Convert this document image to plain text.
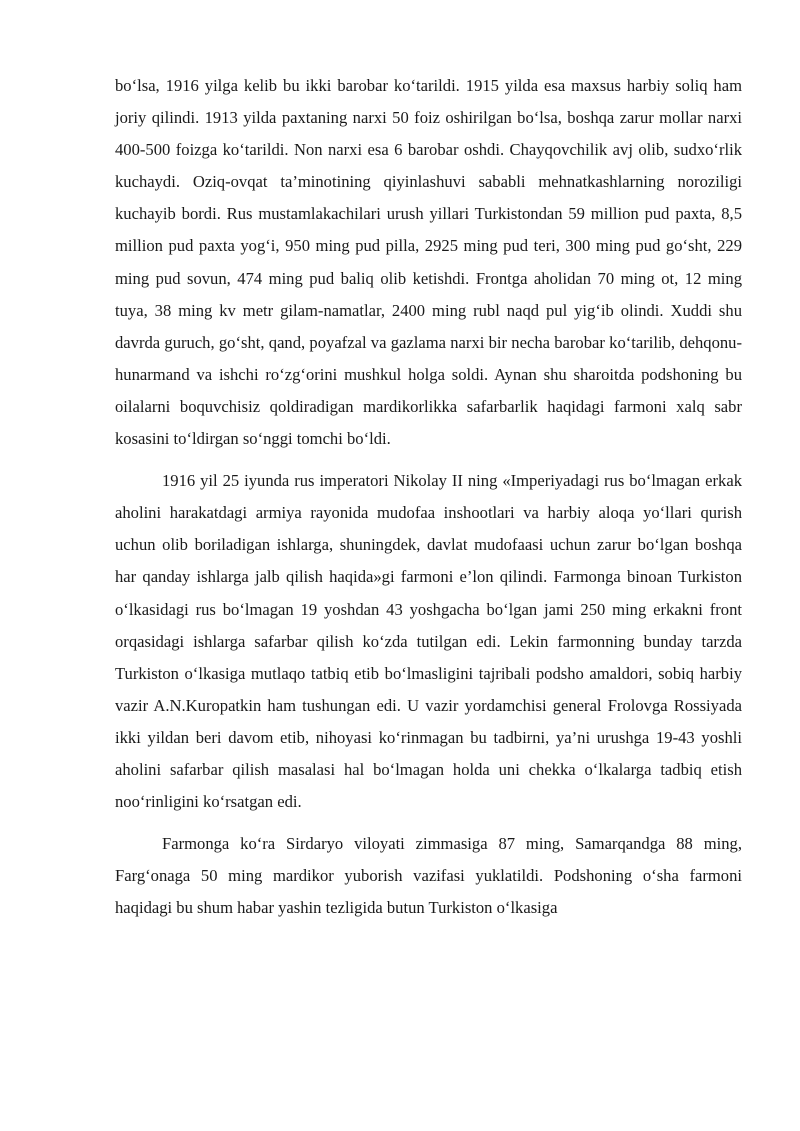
bo‘lsa, 1916 yilga kelib bu ikki barobar ko‘tarildi. 1915 yilda esa maxsus harbiy soliq ham joriy qilindi. 1913 yilda paxtaning narxi 50 foiz oshirilgan bo‘lsa, boshqa zarur mollar narxi 400-500 foizga ko‘tarildi. Non narxi esa 6 barobar oshdi. Chayqovchilik avj olib, sudxo‘rlik kuchaydi. Oziq-ovqat ta’minotining qiyinlashuvi sababli mehnatkashlarning noroziligi kuchayib bordi. Rus mustamlakachilari urush yillari Turkistondan 59 million pud paxta, 8,5 million pud paxta yog‘i, 950 ming pud pilla, 2925 ming pud teri, 300 ming pud go‘sht, 229 ming pud sovun, 474 ming pud baliq olib ketishdi. Frontga aholidan 70 ming ot, 12 ming tuya, 38 ming kv metr gilam-namatlar, 2400 ming rubl naqd pul yig‘ib olindi. Xuddi shu davrda guruch, go‘sht, qand, poyafzal va gazlama narxi bir necha barobar ko‘tarilib, dehqonu-hunarmand va ishchi ro‘zg‘orini mushkul holga soldi. Aynan shu sharoitda podshoning bu oilalarni boquvchisiz qoldiradigan mardikorlikka safarbarlik haqidagi farmoni xalq sabr kosasini to‘ldirgan so‘nggi tomchi bo‘ldi.

1916 yil 25 iyunda rus imperatori Nikolay II ning «Imperiyadagi rus bo‘lmagan erkak aholini harakatdagi armiya rayonida mudofaa inshootlari va harbiy aloqa yo‘llari qurish uchun olib boriladigan ishlarga, shuningdek, davlat mudofaasi uchun zarur bo‘lgan boshqa har qanday ishlarga jalb qilish haqida»gi farmoni e’lon qilindi. Farmonga binoan Turkiston o‘lkasidagi rus bo‘lmagan 19 yoshdan 43 yoshgacha bo‘lgan jami 250 ming erkakni front orqasidagi ishlarga safarbar qilish ko‘zda tutilgan edi. Lekin farmonning bunday tarzda Turkiston o‘lkasiga mutlaqo tatbiq etib bo‘lmasligini tajribali podsho amaldori, sobiq harbiy vazir A.N.Kuropatkin ham tushungan edi. U vazir yordamchisi general Frolovga Rossiyada ikki yildan beri davom etib, nihoyasi ko‘rinmagan bu tadbirni, ya’ni urushga 19-43 yoshli aholini safarbar qilish masalasi hal bo‘lmagan holda uni chekka o‘lkalarga tadbiq etish noo‘rinligini ko‘rsatgan edi.

Farmonga ko‘ra Sirdaryo viloyati zimmasiga 87 ming, Samarqandga 88 ming, Farg‘onaga 50 ming mardikor yuborish vazifasi yuklatildi. Podshoning o‘sha farmoni haqidagi bu shum habar yashin tezligida butun Turkiston o‘lkasiga
